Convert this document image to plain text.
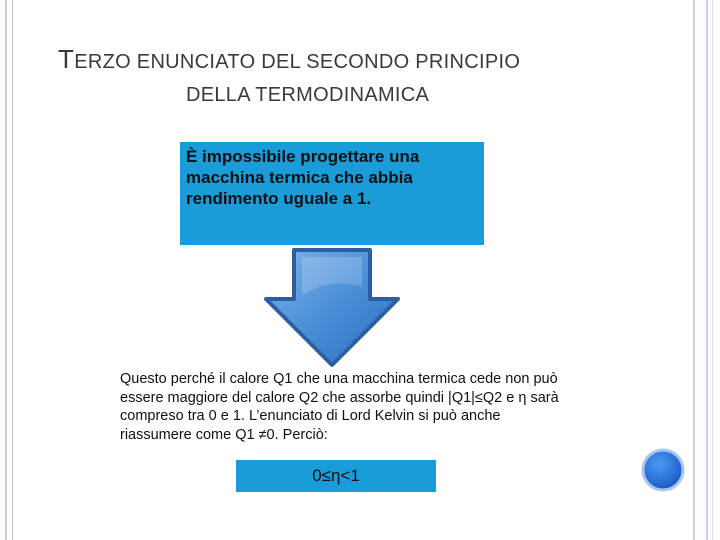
TERZO ENUNCIATO DEL SECONDO PRINCIPIO
DELLA TERMODINAMICA
È impossibile progettare una macchina termica che abbia rendimento uguale a 1.
Questo perché il calore Q1 che una macchina termica cede non può essere maggiore del calore Q2 che assorbe quindi |Q1|≤Q2 e η sarà compreso tra 0 e 1. L’enunciato di Lord Kelvin si può anche riassumere come Q1 ≠0. Perciò:
0≤η<1
